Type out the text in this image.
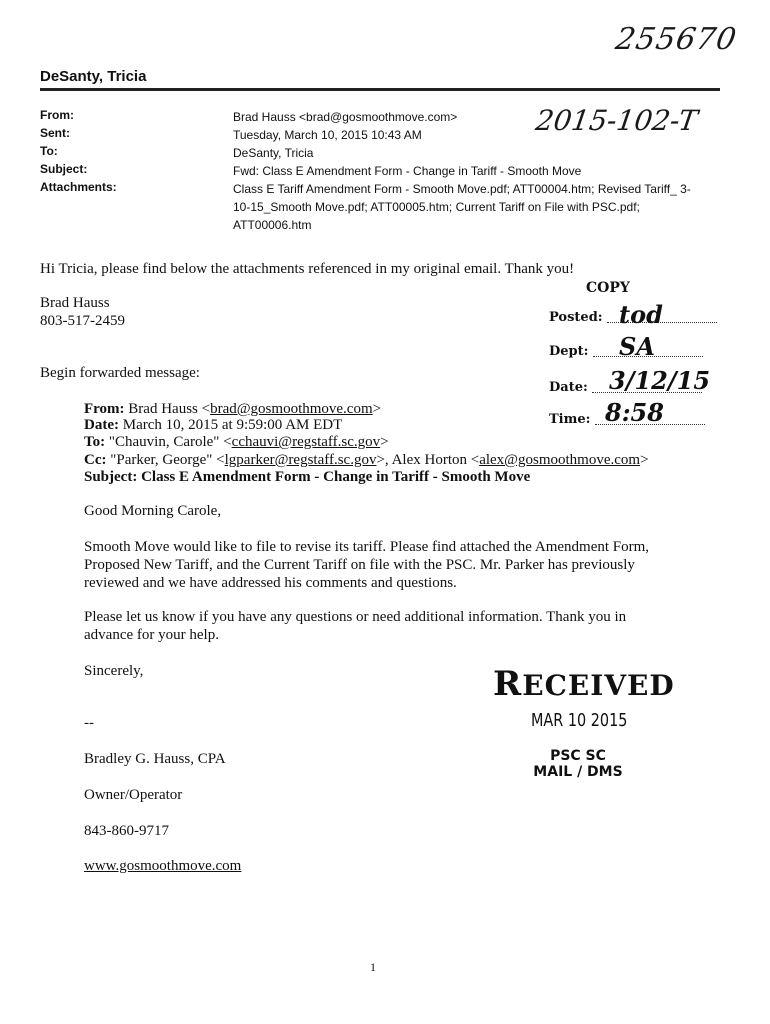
255670
DeSanty, Tricia
From:
Sent:
To:
Subject:
Attachments:
Brad Hauss <brad@gosmoothmove.com>
Tuesday, March 10, 2015 10:43 AM
DeSanty, Tricia
Fwd: Class E Amendment Form - Change in Tariff - Smooth Move
Class E Tariff Amendment Form - Smooth Move.pdf; ATT00004.htm; Revised Tariff_ 3-10-15_Smooth Move.pdf; ATT00005.htm; Current Tariff on File with PSC.pdf; ATT00006.htm
2015-102-T
Hi Tricia, please find below the attachments referenced in my original email. Thank you!
Brad Hauss
803-517-2459
Begin forwarded message:
From: Brad Hauss <brad@gosmoothmove.com>
Date: March 10, 2015 at 9:59:00 AM EDT
To: "Chauvin, Carole" <cchauvi@regstaff.sc.gov>
Cc: "Parker, George" <lgparker@regstaff.sc.gov>, Alex Horton <alex@gosmoothmove.com>
Subject: Class E Amendment Form - Change in Tariff - Smooth Move
Good Morning Carole,
Smooth Move would like to file to revise its tariff. Please find attached the Amendment Form, Proposed New Tariff, and the Current Tariff on file with the PSC. Mr. Parker has previously reviewed and we have addressed his comments and questions.
Please let us know if you have any questions or need additional information. Thank you in advance for your help.
Sincerely,
--
Bradley G. Hauss, CPA
Owner/Operator
843-860-9717
www.gosmoothmove.com
COPY
Posted: tod
Dept: SA
Date: 3/12/15
Time: 8:58
RECEIVED
MAR 10 2015
PSC SC
MAIL / DMS
1
